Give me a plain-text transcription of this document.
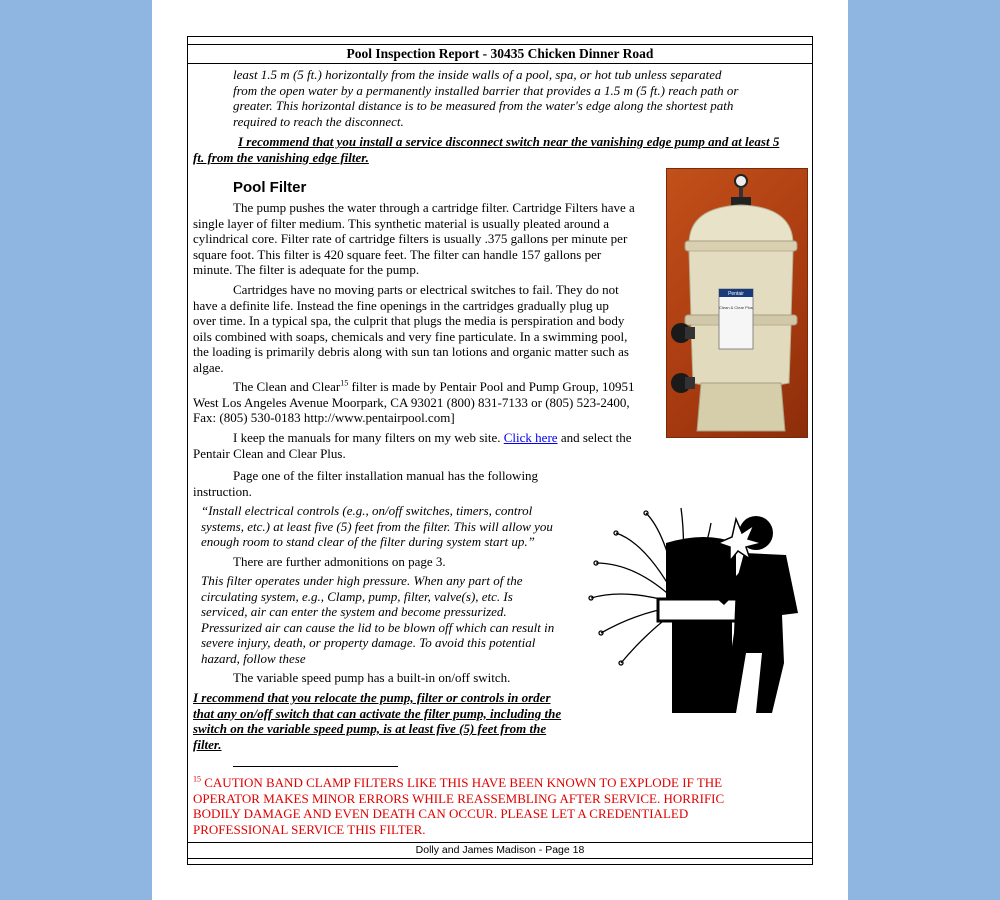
Pool Inspection Report - 30435 Chicken Dinner Road

least 1.5 m (5 ft.) horizontally from the inside walls of a pool, spa, or hot tub unless separated

from the open water by a permanently installed barrier that provides a 1.5 m (5 ft.) reach path or

greater. This horizontal distance is to be measured from the water's edge along the shortest path

required to reach the disconnect.

I recommend that you install a service disconnect switch near the vanishing edge pump and at least 5

ft. from the vanishing edge filter.

Pool Filter

The pump pushes the water through a cartridge filter. Cartridge Filters have a

single layer of filter medium. This synthetic material is usually pleated around a

cylindrical core. Filter rate of cartridge filters is usually .375 gallons per minute per

square foot. This filter is 420 square feet. The filter can handle 157 gallons per

minute. The filter is adequate for the pump.

Cartridges have no moving parts or electrical switches to fail. They do not

have a definite life. Instead the fine openings in the cartridges gradually plug up

over time. In a typical spa, the culprit that plugs the media is perspiration and body

oils combined with soaps, chemicals and very fine particulate. In a swimming pool,

the loading is primarily debris along with sun tan lotions and organic matter such as

algae.

The Clean and Clear$^{15}$ filter is made by Pentair Pool and Pump Group, 10951

West Los Angeles Avenue Moorpark, CA 93021 (800) 831-7133 or (805) 523-2400,

Fax: (805) 530-0183 http://www.pentairpool.com]

I keep the manuals for many filters on my web site. Click here and select the

Pentair Clean and Clear Plus.

Page one of the filter installation manual has the following

instruction.

“Install electrical controls (e.g., on/off switches, timers, control

systems, etc.) at least five (5) feet from the filter. This will allow you

enough room to stand clear of the filter during system start up.”

There are further admonitions on page 3.

This filter operates under high pressure. When any part of the

circulating system, e.g., Clamp, pump, filter, valve(s), etc. Is

serviced, air can enter the system and become pressurized.

Pressurized air can cause the lid to be blown off which can result in

severe injury, death, or property damage. To avoid this potential

hazard, follow these

The variable speed pump has a built-in on/off switch.

I recommend that you relocate the pump, filter or controls in order

that any on/off switch that can activate the filter pump, including the

switch on the variable speed pump, is at least five (5) feet from the

filter.

$^{15}$ CAUTION BAND CLAMP FILTERS LIKE THIS HAVE BEEN KNOWN TO EXPLODE IF THE

OPERATOR MAKES MINOR ERRORS WHILE REASSEMBLING AFTER SERVICE. HORRIFIC

BODILY DAMAGE AND EVEN DEATH CAN OCCUR. PLEASE LET A CREDENTIALED

PROFESSIONAL SERVICE THIS FILTER.

Pentair
Clean & Clear Plus
Dolly and James Madison - Page 18
